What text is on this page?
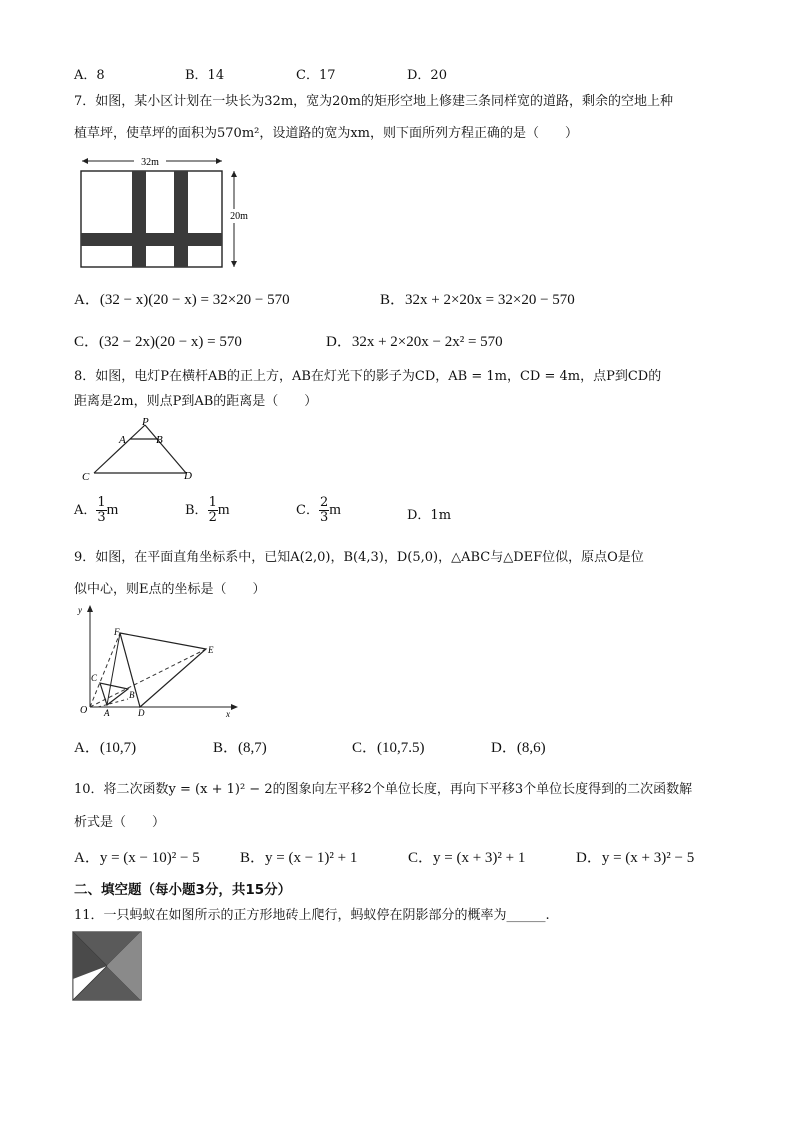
A．8	B．14	C．17	D．20
7．如图，某小区计划在一块长为32m，宽为20m的矩形空地上修建三条同样宽的道路，剩余的空地上种
植草坪，使草坪的面积为570m²，设道路的宽为xm，则下面所列方程正确的是（　　）
32m
20m
A．(32 − x)(20 − x) = 32×20 − 570	B．32x + 2×20x = 32×20 − 570
C．(32 − 2x)(20 − x) = 570	D．32x + 2×20x − 2x² = 570
8．如图，电灯P在横杆AB的正上方，AB在灯光下的影子为CD，AB = 1m，CD = 4m，点P到CD的
距离是2m，则点P到AB的距离是（　　）
P
A	B
C	D
A． $\frac{1}{3}$ m	B． $\frac{1}{2}$ m	C． $\frac{2}{3}$ m	D．1m
9．如图，在平面直角坐标系中，已知A(2,0)，B(4,3)，D(5,0)，△ABC与△DEF位似，原点O是位
似中心，则E点的坐标是（　　）
y
x
O
C
A
B
D
E
F
A．(10,7)	B．(8,7)	C．(10,7.5)	D．(8,6)
10．将二次函数y = (x + 1)² − 2的图象向左平移2个单位长度，再向下平移3个单位长度得到的二次函数解
析式是（　　）
A．y = (x − 10)² − 5	B．y = (x − 1)² + 1	C．y = (x + 3)² + 1	D．y = (x + 3)² − 5
二、填空题（每小题3分，共15分）
11．一只蚂蚁在如图所示的正方形地砖上爬行，蚂蚁停在阴影部分的概率为______.
